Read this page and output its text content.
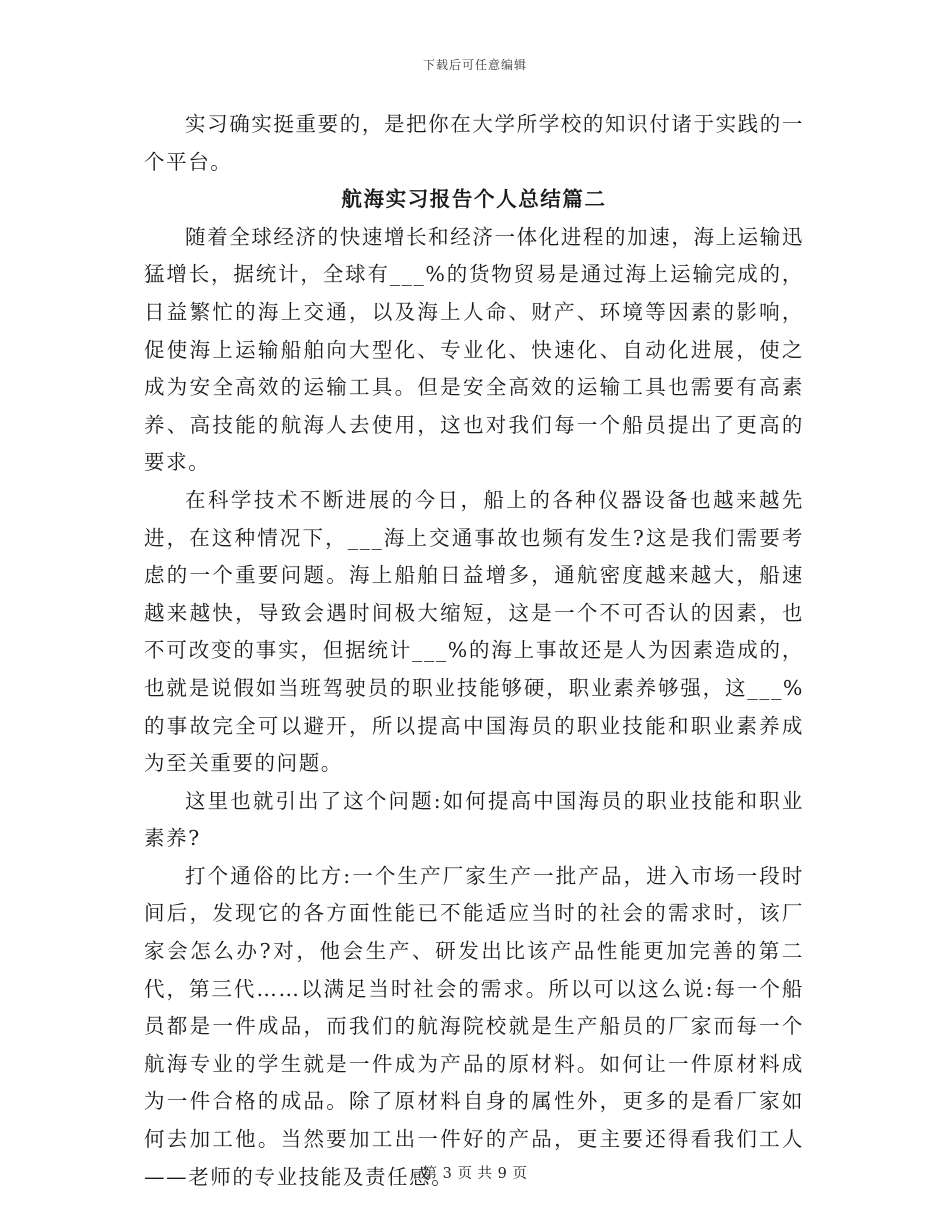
下载后可任意编辑

实习确实挺重要的，是把你在大学所学校的知识付诸于实践的一个平台。

航海实习报告个人总结篇二

随着全球经济的快速增长和经济一体化进程的加速，海上运输迅猛增长，据统计，全球有___%的货物贸易是通过海上运输完成的，日益繁忙的海上交通，以及海上人命、财产、环境等因素的影响，促使海上运输船舶向大型化、专业化、快速化、自动化进展，使之成为安全高效的运输工具。但是安全高效的运输工具也需要有高素养、高技能的航海人去使用，这也对我们每一个船员提出了更高的要求。

在科学技术不断进展的今日，船上的各种仪器设备也越来越先进，在这种情况下，___海上交通事故也频有发生?这是我们需要考虑的一个重要问题。海上船舶日益增多，通航密度越来越大，船速越来越快，导致会遇时间极大缩短，这是一个不可否认的因素，也不可改变的事实，但据统计___%的海上事故还是人为因素造成的，也就是说假如当班驾驶员的职业技能够硬，职业素养够强，这___%的事故完全可以避开，所以提高中国海员的职业技能和职业素养成为至关重要的问题。

这里也就引出了这个问题:如何提高中国海员的职业技能和职业素养?

打个通俗的比方:一个生产厂家生产一批产品，进入市场一段时间后，发现它的各方面性能已不能适应当时的社会的需求时，该厂家会怎么办?对，他会生产、研发出比该产品性能更加完善的第二代，第三代……以满足当时社会的需求。所以可以这么说:每一个船员都是一件成品，而我们的航海院校就是生产船员的厂家而每一个航海专业的学生就是一件成为产品的原材料。如何让一件原材料成为一件合格的成品。除了原材料自身的属性外，更多的是看厂家如何去加工他。当然要加工出一件好的产品，更主要还得看我们工人——老师的专业技能及责任感。

第 3 页 共 9 页
